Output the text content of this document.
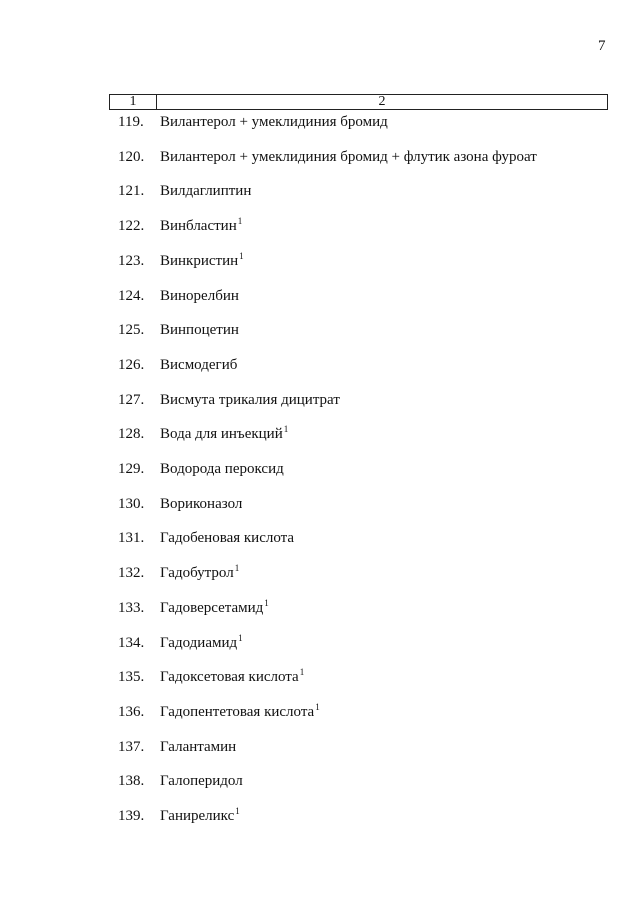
7
1	2
119. Вилантерол + умеклидиния бромид
120. Вилантерол + умеклидиния бромид + флутик азона фуроат
121. Вилдаглиптин
122. Винбластин$^1$
123. Винкристин$^1$
124. Винорелбин
125. Винпоцетин
126. Висмодегиб
127. Висмута трикалия дицитрат
128. Вода для инъекций$^1$
129. Водорода пероксид
130. Вориконазол
131. Гадобеновая кислота
132. Гадобутрол$^1$
133. Гадоверсетамид$^1$
134. Гадодиамид$^1$
135. Гадоксетовая кислота$^1$
136. Гадопентетовая кислота$^1$
137. Галантамин
138. Галоперидол
139. Ганиреликс$^1$
